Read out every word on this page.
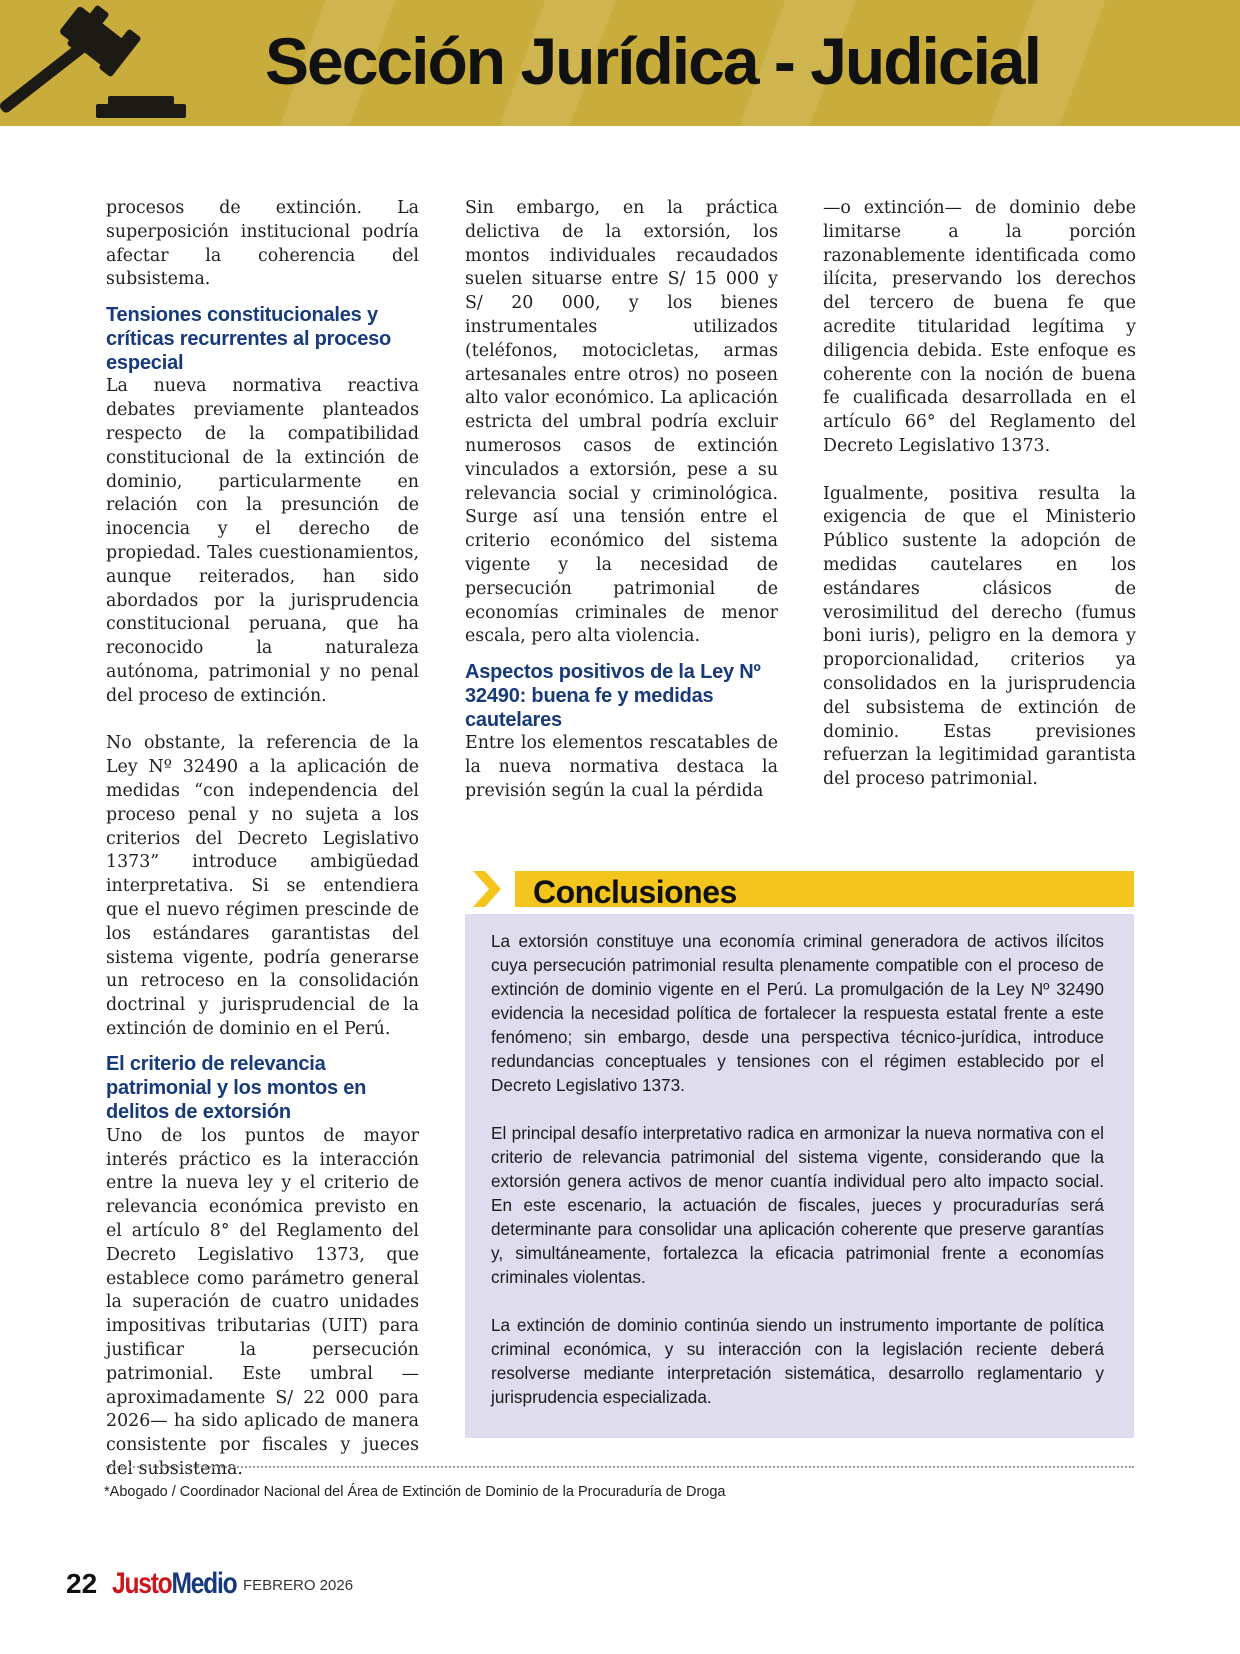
Sección Jurídica - Judicial

procesos de extinción. La superposición institucional podría afectar la coherencia del subsistema.

Tensiones constitucionales y críticas recurrentes al proceso especial

La nueva normativa reactiva debates previamente planteados respecto de la compatibilidad constitucional de la extinción de dominio, particularmente en relación con la presunción de inocencia y el derecho de propiedad. Tales cuestionamientos, aunque reiterados, han sido abordados por la jurisprudencia constitucional peruana, que ha reconocido la naturaleza autónoma, patrimonial y no penal del proceso de extinción.

No obstante, la referencia de la Ley Nº 32490 a la aplicación de medidas “con independencia del proceso penal y no sujeta a los criterios del Decreto Legislativo 1373” introduce ambigüedad interpretativa. Si se entendiera que el nuevo régimen prescinde de los estándares garantistas del sistema vigente, podría generarse un retroceso en la consolidación doctrinal y jurisprudencial de la extinción de dominio en el Perú.

El criterio de relevancia patrimonial y los montos en delitos de extorsión

Uno de los puntos de mayor interés práctico es la interacción entre la nueva ley y el criterio de relevancia económica previsto en el artículo 8° del Reglamento del Decreto Legislativo 1373, que establece como parámetro general la superación de cuatro unidades impositivas tributarias (UIT) para justificar la persecución patrimonial. Este umbral —aproximadamente S/ 22 000 para 2026— ha sido aplicado de manera consistente por fiscales y jueces del subsistema.

Sin embargo, en la práctica delictiva de la extorsión, los montos individuales recaudados suelen situarse entre S/ 15 000 y S/ 20 000, y los bienes instrumentales utilizados (teléfonos, motocicletas, armas artesanales entre otros) no poseen alto valor económico. La aplicación estricta del umbral podría excluir numerosos casos de extinción vinculados a extorsión, pese a su relevancia social y criminológica. Surge así una tensión entre el criterio económico del sistema vigente y la necesidad de persecución patrimonial de economías criminales de menor escala, pero alta violencia.

Aspectos positivos de la Ley Nº 32490: buena fe y medidas cautelares

Entre los elementos rescatables de la nueva normativa destaca la previsión según la cual la pérdida

—o extinción— de dominio debe limitarse a la porción razonablemente identificada como ilícita, preservando los derechos del tercero de buena fe que acredite titularidad legítima y diligencia debida. Este enfoque es coherente con la noción de buena fe cualificada desarrollada en el artículo 66° del Reglamento del Decreto Legislativo 1373.

Igualmente, positiva resulta la exigencia de que el Ministerio Público sustente la adopción de medidas cautelares en los estándares clásicos de verosimilitud del derecho (fumus boni iuris), peligro en la demora y proporcionalidad, criterios ya consolidados en la jurisprudencia del subsistema de extinción de dominio. Estas previsiones refuerzan la legitimidad garantista del proceso patrimonial.

Conclusiones

La extorsión constituye una economía criminal generadora de activos ilícitos cuya persecución patrimonial resulta plenamente compatible con el proceso de extinción de dominio vigente en el Perú. La promulgación de la Ley Nº 32490 evidencia la necesidad política de fortalecer la respuesta estatal frente a este fenómeno; sin embargo, desde una perspectiva técnico-jurídica, introduce redundancias conceptuales y tensiones con el régimen establecido por el Decreto Legislativo 1373.

El principal desafío interpretativo radica en armonizar la nueva normativa con el criterio de relevancia patrimonial del sistema vigente, considerando que la extorsión genera activos de menor cuantía individual pero alto impacto social. En este escenario, la actuación de fiscales, jueces y procuradurías será determinante para consolidar una aplicación coherente que preserve garantías y, simultáneamente, fortalezca la eficacia patrimonial frente a economías criminales violentas.

La extinción de dominio continúa siendo un instrumento importante de política criminal económica, y su interacción con la legislación reciente deberá resolverse mediante interpretación sistemática, desarrollo reglamentario y jurisprudencia especializada.

*Abogado / Coordinador Nacional del Área de Extinción de Dominio de la Procuraduría de Droga
22 JustoMedio FEBRERO 2026
